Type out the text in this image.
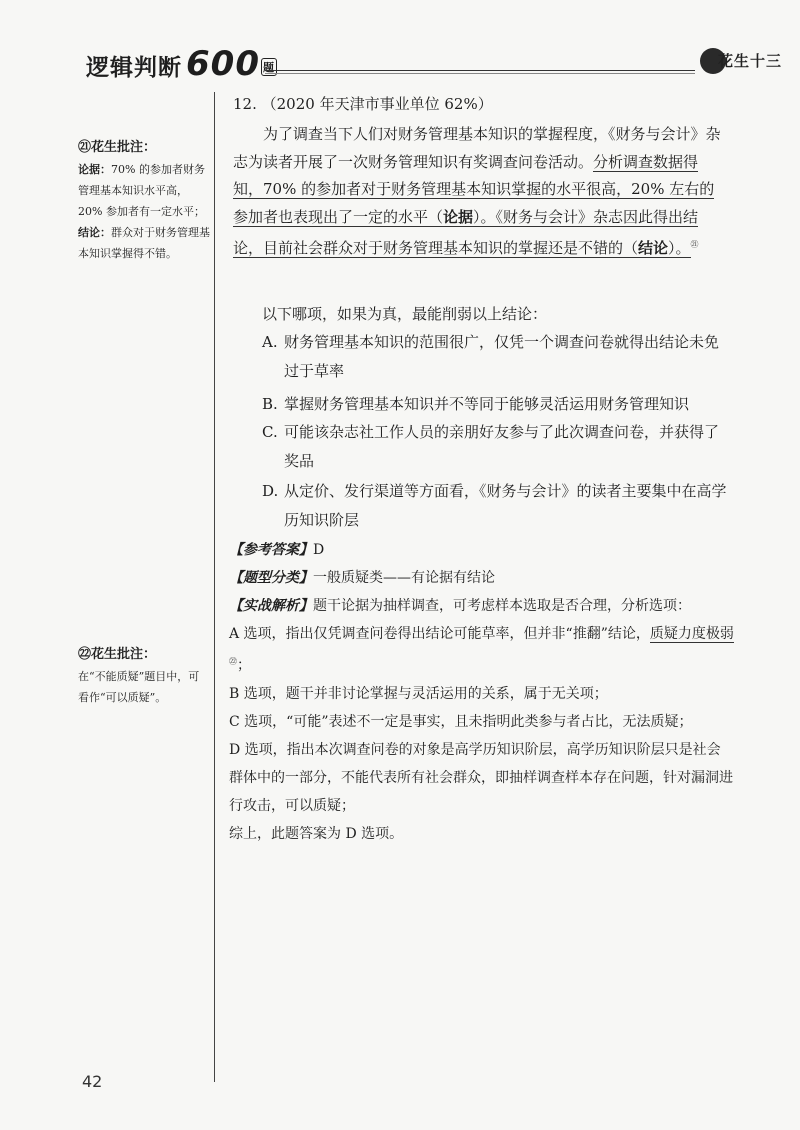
逻辑判断 600 题	花生十三
㉑花生批注：

论据：70% 的参加者财务管理基本知识水平高，20% 参加者有一定水平；

结论：群众对于财务管理基本知识掌握得不错。

㉒花生批注：

在“不能质疑”题目中，可看作“可以质疑”。

12. （2020 年天津市事业单位 62%）
为了调查当下人们对财务管理基本知识的掌握程度，《财务与会计》杂志为读者开展了一次财务管理知识有奖调查问卷活动。分析调查数据得知，70% 的参加者对于财务管理基本知识掌握的水平很高，20% 左右的参加者也表现出了一定的水平（论据）。《财务与会计》杂志因此得出结论，目前社会群众对于财务管理基本知识的掌握还是不错的（结论）。$^㉑$
以下哪项，如果为真，最能削弱以上结论：
A. 财务管理基本知识的范围很广，仅凭一个调查问卷就得出结论未免过于草率
B. 掌握财务管理基本知识并不等同于能够灵活运用财务管理知识
C. 可能该杂志社工作人员的亲朋好友参与了此次调查问卷，并获得了奖品
D. 从定价、发行渠道等方面看，《财务与会计》的读者主要集中在高学历知识阶层
【参考答案】D
【题型分类】一般质疑类——有论据有结论
【实战解析】题干论据为抽样调查，可考虑样本选取是否合理，分析选项：
A 选项，指出仅凭调查问卷得出结论可能草率，但并非“推翻”结论，质疑力度极弱$^㉒$；
B 选项，题干并非讨论掌握与灵活运用的关系，属于无关项；
C 选项，“可能”表述不一定是事实，且未指明此类参与者占比，无法质疑；
D 选项，指出本次调查问卷的对象是高学历知识阶层，高学历知识阶层只是社会群体中的一部分，不能代表所有社会群众，即抽样调查样本存在问题，针对漏洞进行攻击，可以质疑；
综上，此题答案为 D 选项。
42
